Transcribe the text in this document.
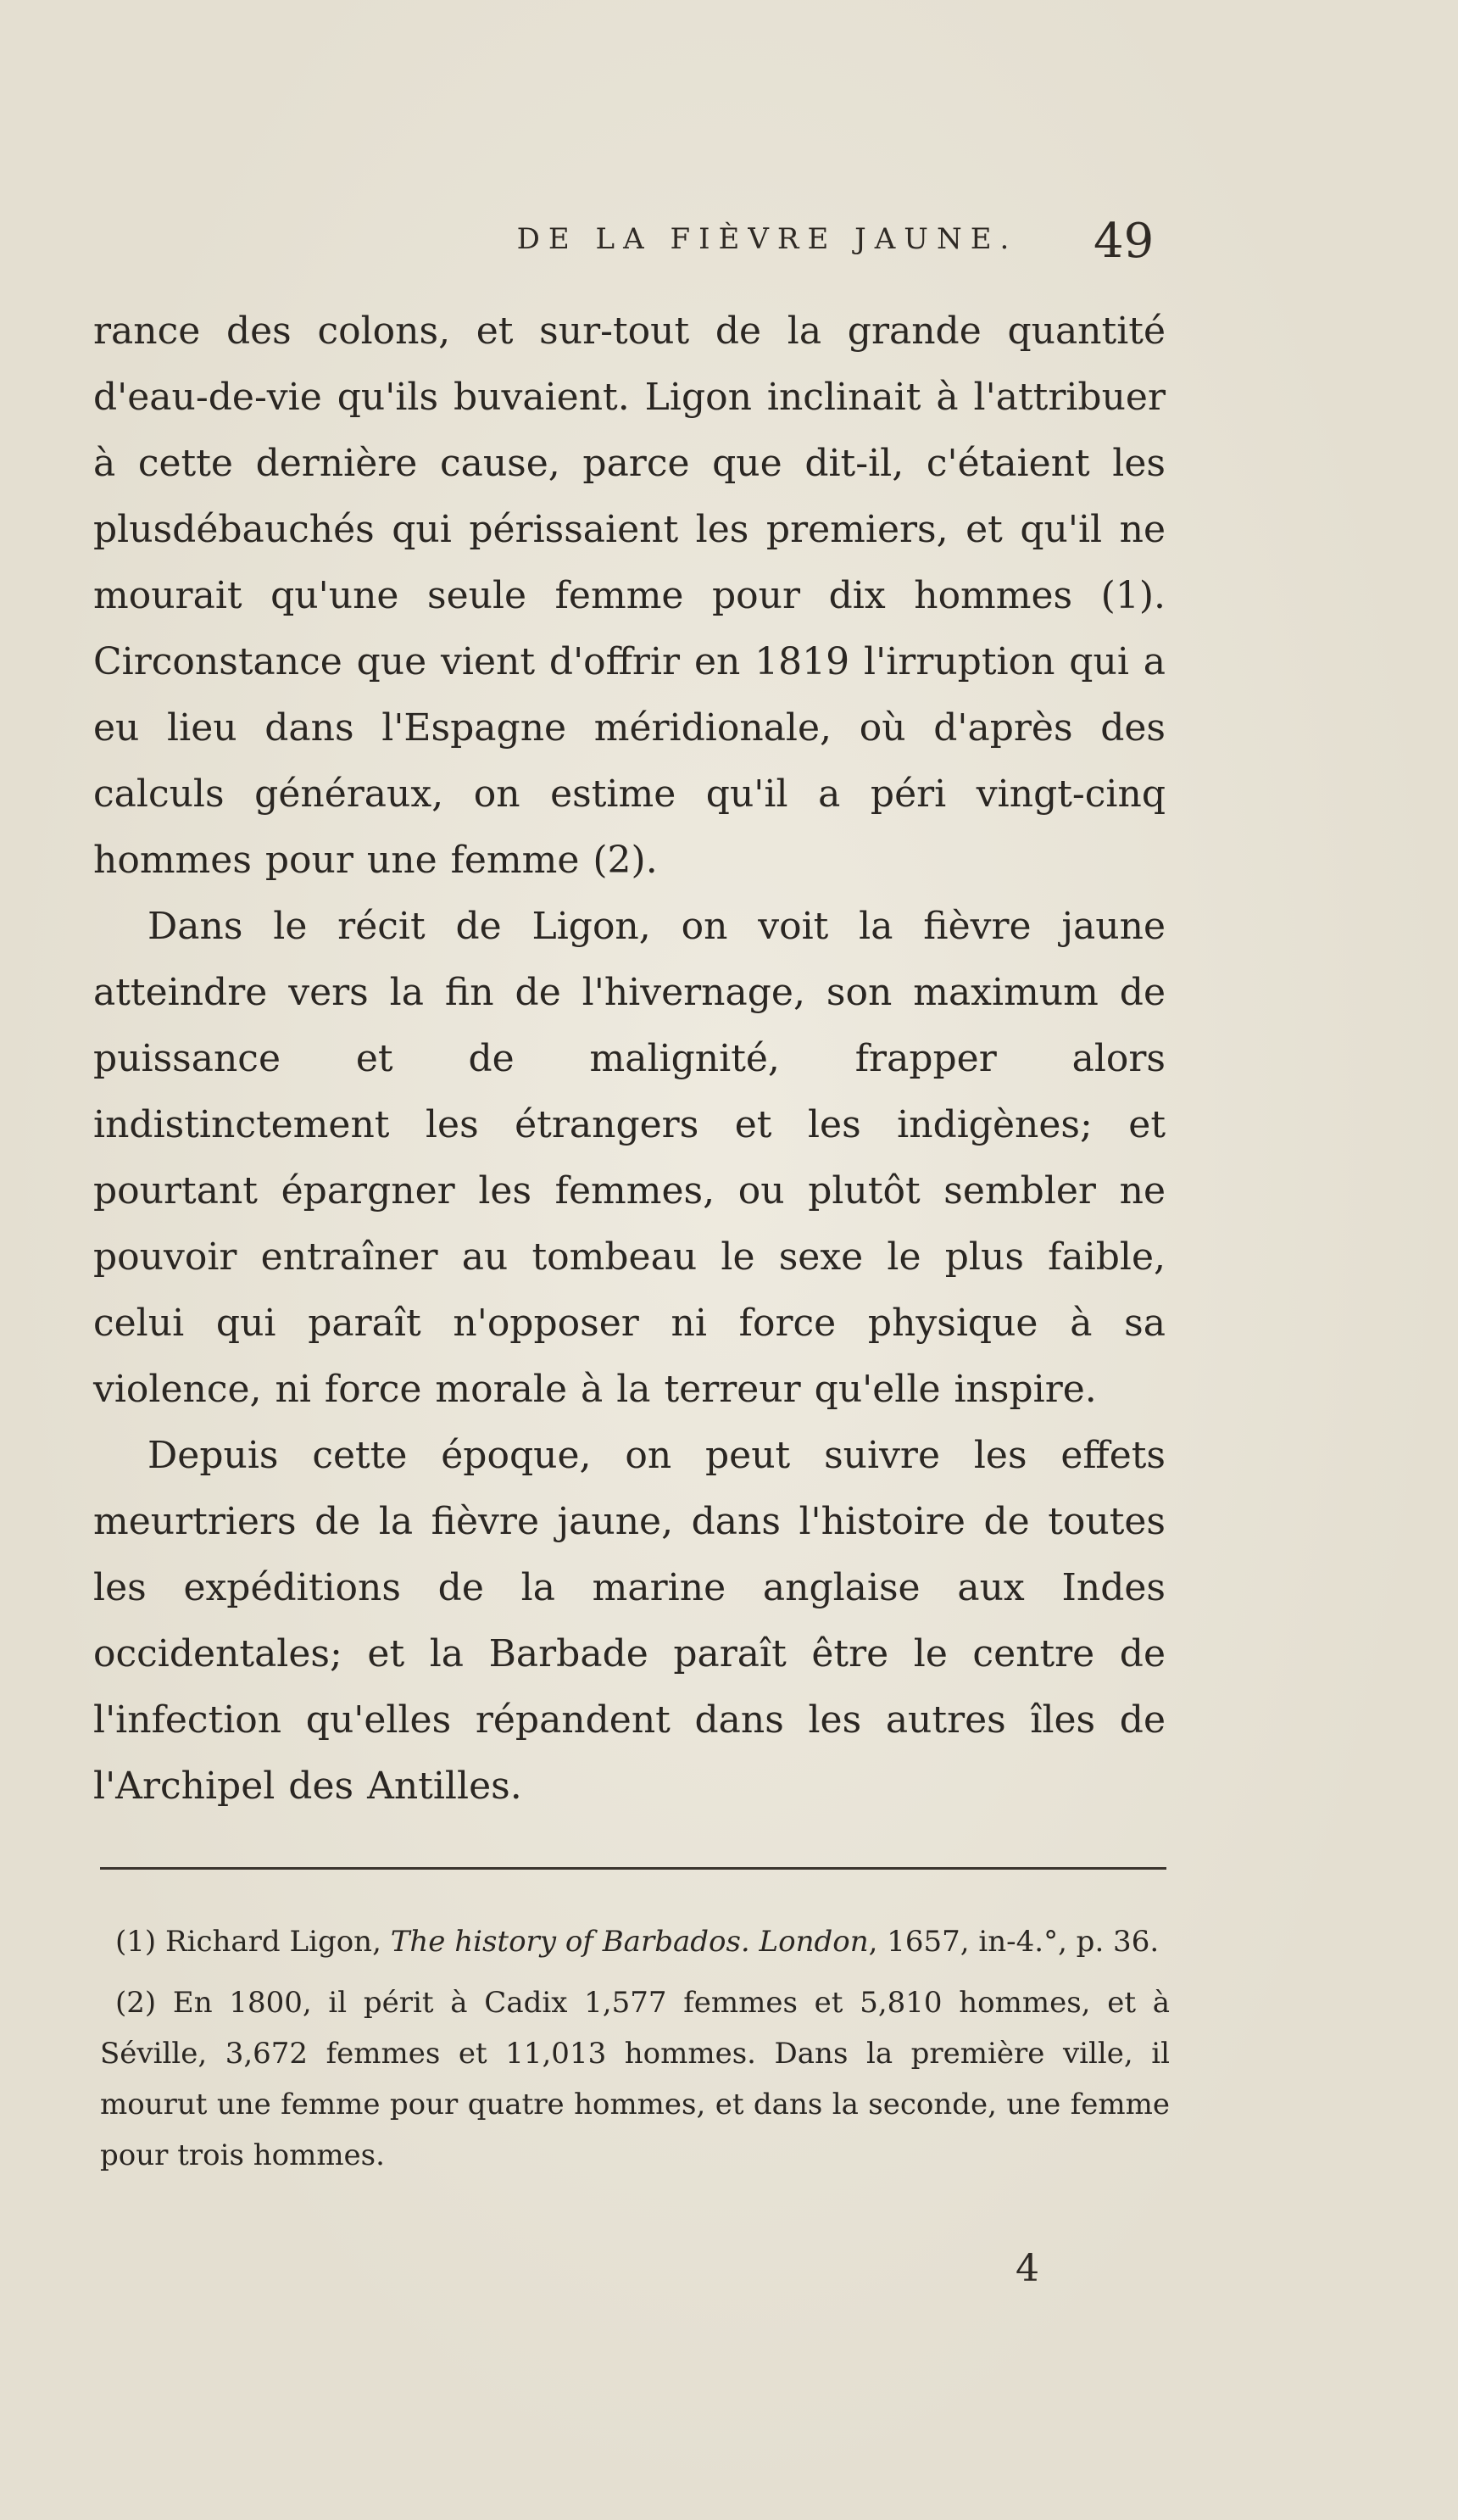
DE LA FIÈVRE JAUNE.	49

rance des colons, et sur-tout de la grande quantité d'eau-de-vie qu'ils buvaient. Ligon inclinait à l'attribuer à cette dernière cause, parce que dit-il, c'étaient les plusdébauchés qui périssaient les premiers, et qu'il ne mourait qu'une seule femme pour dix hommes (1). Circonstance que vient d'offrir en 1819 l'irruption qui a eu lieu dans l'Espagne méridionale, où d'après des calculs généraux, on estime qu'il a péri vingt-cinq hommes pour une femme (2).

Dans le récit de Ligon, on voit la fièvre jaune atteindre vers la fin de l'hivernage, son maximum de puissance et de malignité, frapper alors indistinctement les étrangers et les indigènes; et pourtant épargner les femmes, ou plutôt sembler ne pouvoir entraîner au tombeau le sexe le plus faible, celui qui paraît n'opposer ni force physique à sa violence, ni force morale à la terreur qu'elle inspire.

Depuis cette époque, on peut suivre les effets meurtriers de la fièvre jaune, dans l'histoire de toutes les expéditions de la marine anglaise aux Indes occidentales; et la Barbade paraît être le centre de l'infection qu'elles répandent dans les autres îles de l'Archipel des Antilles.

(1) Richard Ligon, The history of Barbados. London, 1657, in-4.°, p. 36.

(2) En 1800, il périt à Cadix 1,577 femmes et 5,810 hommes, et à Séville, 3,672 femmes et 11,013 hommes. Dans la première ville, il mourut une femme pour quatre hommes, et dans la seconde, une femme pour trois hommes.

4
